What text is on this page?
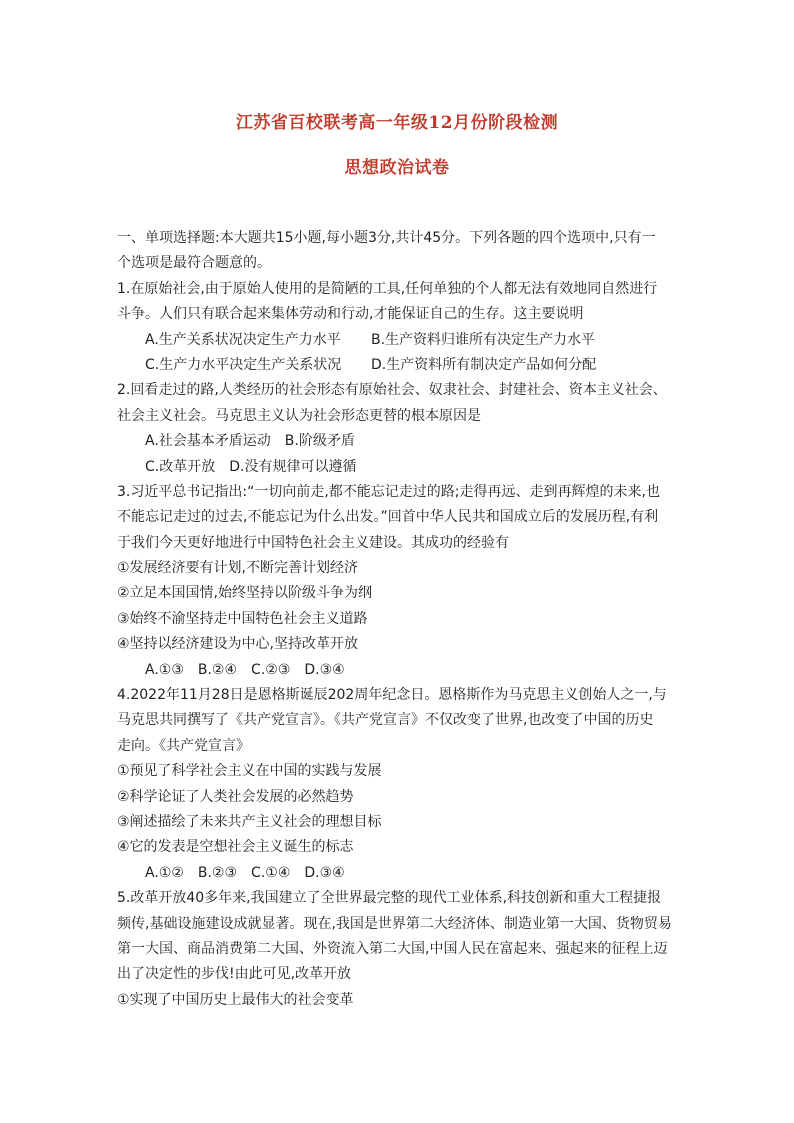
江苏省百校联考高一年级12月份阶段检测
思想政治试卷
一、单项选择题:本大题共15小题,每小题3分,共计45分。下列各题的四个选项中,只有一
个选项是最符合题意的。
1.在原始社会,由于原始人使用的是简陋的工具,任何单独的个人都无法有效地同自然进行
斗争。人们只有联合起来集体劳动和行动,才能保证自己的生存。这主要说明
A.生产关系状况决定生产力水平 B.生产资料归谁所有决定生产力水平
C.生产力水平决定生产关系状况 D.生产资料所有制决定产品如何分配
2.回看走过的路,人类经历的社会形态有原始社会、奴隶社会、封建社会、资本主义社会、
社会主义社会。马克思主义认为社会形态更替的根本原因是
A.社会基本矛盾运动　B.阶级矛盾
C.改革开放　D.没有规律可以遵循
3.习近平总书记指出:“一切向前走,都不能忘记走过的路;走得再远、走到再辉煌的未来,也
不能忘记走过的过去,不能忘记为什么出发。”回首中华人民共和国成立后的发展历程,有利
于我们今天更好地进行中国特色社会主义建设。其成功的经验有
①发展经济要有计划,不断完善计划经济
②立足本国国情,始终坚持以阶级斗争为纲
③始终不渝坚持走中国特色社会主义道路
④坚持以经济建设为中心,坚持改革开放
A.①③　B.②④　C.②③　D.③④
4.2022年11月28日是恩格斯诞辰202周年纪念日。恩格斯作为马克思主义创始人之一,与
马克思共同撰写了《共产党宣言》。《共产党宣言》不仅改变了世界,也改变了中国的历史
走向。《共产党宣言》
①预见了科学社会主义在中国的实践与发展
②科学论证了人类社会发展的必然趋势
③阐述描绘了未来共产主义社会的理想目标
④它的发表是空想社会主义诞生的标志
A.①②　B.②③　C.①④　D.③④
5.改革开放40多年来,我国建立了全世界最完整的现代工业体系,科技创新和重大工程捷报
频传,基础设施建设成就显著。现在,我国是世界第二大经济体、制造业第一大国、货物贸易
第一大国、商品消费第二大国、外资流入第二大国,中国人民在富起来、强起来的征程上迈
出了决定性的步伐!由此可见,改革开放
①实现了中国历史上最伟大的社会变革
